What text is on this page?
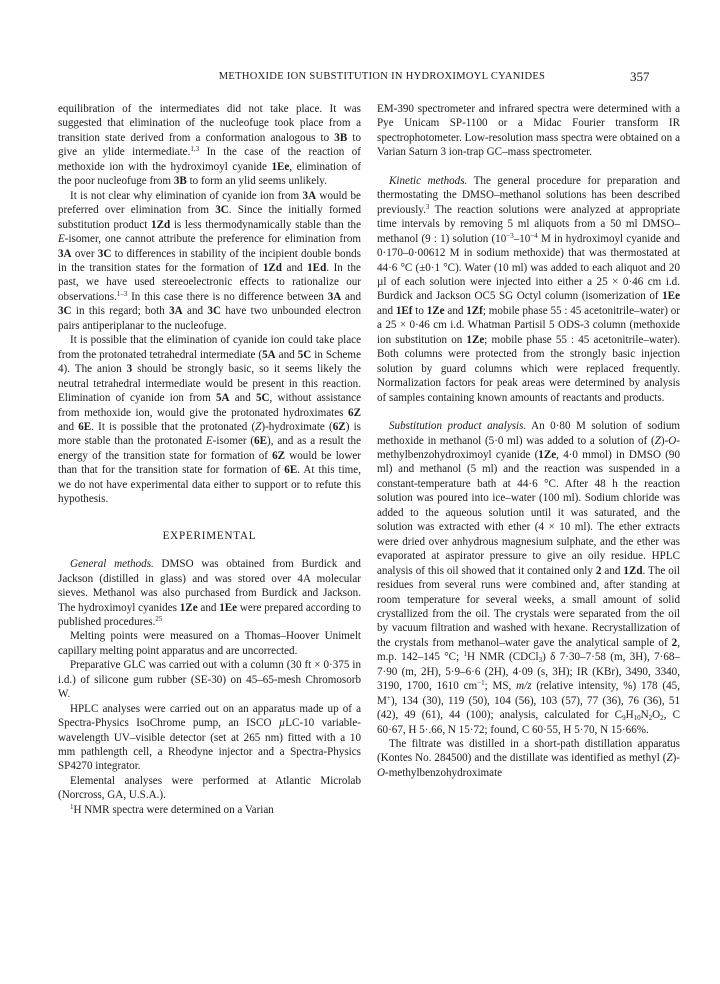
METHOXIDE ION SUBSTITUTION IN HYDROXIMOYL CYANIDES	357

equilibration of the intermediates did not take place. It was suggested that elimination of the nucleofuge took place from a transition state derived from a conformation analogous to 3B to give an ylide intermediate.$^{1,3}$ In the case of the reaction of methoxide ion with the hydroximoyl cyanide 1Ee, elimination of the poor nucleofuge from 3B to form an ylid seems unlikely.

It is not clear why elimination of cyanide ion from 3A would be preferred over elimination from 3C. Since the initially formed substitution product 1Zd is less thermodynamically stable than the E-isomer, one cannot attribute the preference for elimination from 3A over 3C to differences in stability of the incipient double bonds in the transition states for the formation of 1Zd and 1Ed. In the past, we have used stereoelectronic effects to rationalize our observations.$^{1-3}$ In this case there is no difference between 3A and 3C in this regard; both 3A and 3C have two unbounded electron pairs antiperiplanar to the nucleofuge.

It is possible that the elimination of cyanide ion could take place from the protonated tetrahedral intermediate (5A and 5C in Scheme 4). The anion 3 should be strongly basic, so it seems likely the neutral tetrahedral intermediate would be present in this reaction. Elimination of cyanide ion from 5A and 5C, without assistance from methoxide ion, would give the protonated hydroximates 6Z and 6E. It is possible that the protonated (Z)-hydroximate (6Z) is more stable than the protonated E-isomer (6E), and as a result the energy of the transition state for formation of 6Z would be lower than that for the transition state for formation of 6E. At this time, we do not have experimental data either to support or to refute this hypothesis.

EXPERIMENTAL

General methods. DMSO was obtained from Burdick and Jackson (distilled in glass) and was stored over 4A molecular sieves. Methanol was also purchased from Burdick and Jackson. The hydroximoyl cyanides 1Ze and 1Ee were prepared according to published procedures.$^{25}$

Melting points were measured on a Thomas–Hoover Unimelt capillary melting point apparatus and are uncorrected.

Preparative GLC was carried out with a column (30 ft × 0·375 in i.d.) of silicone gum rubber (SE-30) on 45–65-mesh Chromosorb W.

HPLC analyses were carried out on an apparatus made up of a Spectra-Physics IsoChrome pump, an ISCO µLC-10 variable-wavelength UV–visible detector (set at 265 nm) fitted with a 10 mm pathlength cell, a Rheodyne injector and a Spectra-Physics SP4270 integrator.

Elemental analyses were performed at Atlantic Microlab (Norcross, GA, U.S.A.).

$^1$H NMR spectra were determined on a Varian

EM-390 spectrometer and infrared spectra were determined with a Pye Unicam SP-1100 or a Midac Fourier transform IR spectrophotometer. Low-resolution mass spectra were obtained on a Varian Saturn 3 ion-trap GC–mass spectrometer.

Kinetic methods. The general procedure for preparation and thermostating the DMSO–methanol solutions has been described previously.$^3$ The reaction solutions were analyzed at appropriate time intervals by removing 5 ml aliquots from a 50 ml DMSO–methanol (9 : 1) solution ($10^{-3}-10^{-4}$ M in hydroximoyl cyanide and 0·170–0·00612 M in sodium methoxide) that was thermostated at 44·6 °C (±0·1 °C). Water (10 ml) was added to each aliquot and 20 µl of each solution were injected into either a 25 × 0·46 cm i.d. Burdick and Jackson OC5 SG Octyl column (isomerization of 1Ee and 1Ef to 1Ze and 1Zf; mobile phase 55 : 45 acetonitrile–water) or a 25 × 0·46 cm i.d. Whatman Partisil 5 ODS-3 column (methoxide ion substitution on 1Ze; mobile phase 55 : 45 acetonitrile–water). Both columns were protected from the strongly basic injection solution by guard columns which were replaced frequently. Normalization factors for peak areas were determined by analysis of samples containing known amounts of reactants and products.

Substitution product analysis. An 0·80 M solution of sodium methoxide in methanol (5·0 ml) was added to a solution of (Z)-O-methylbenzohydroximoyl cyanide (1Ze, 4·0 mmol) in DMSO (90 ml) and methanol (5 ml) and the reaction was suspended in a constant-temperature bath at 44·6 °C. After 48 h the reaction solution was poured into ice–water (100 ml). Sodium chloride was added to the aqueous solution until it was saturated, and the solution was extracted with ether (4 × 10 ml). The ether extracts were dried over anhydrous magnesium sulphate, and the ether was evaporated at aspirator pressure to give an oily residue. HPLC analysis of this oil showed that it contained only 2 and 1Zd. The oil residues from several runs were combined and, after standing at room temperature for several weeks, a small amount of solid crystallized from the oil. The crystals were separated from the oil by vacuum filtration and washed with hexane. Recrystallization of the crystals from methanol–water gave the analytical sample of 2, m.p. 142–145 °C; $^1$H NMR (CDCl$_3$) δ 7·30–7·58 (m, 3H), 7·68–7·90 (m, 2H), 5·9–6·6 (2H), 4·09 (s, 3H); IR (KBr), 3490, 3340, 3190, 1700, 1610 $cm^{-1}$; MS, m/z (relative intensity, %) 178 (45, M+), 134 (30), 119 (50), 104 (56), 103 (57), 77 (36), 76 (36), 51 (42), 49 (61), 44 (100); analysis, calculated for $C_9H_{10}N_2O_2$, C 60·67, H 5·.66, N 15·72; found, C 60·55, H 5·70, N 15·66%.

The filtrate was distilled in a short-path distillation apparatus (Kontes No. 284500) and the distillate was identified as methyl (Z)-O-methylbenzohydroximate
